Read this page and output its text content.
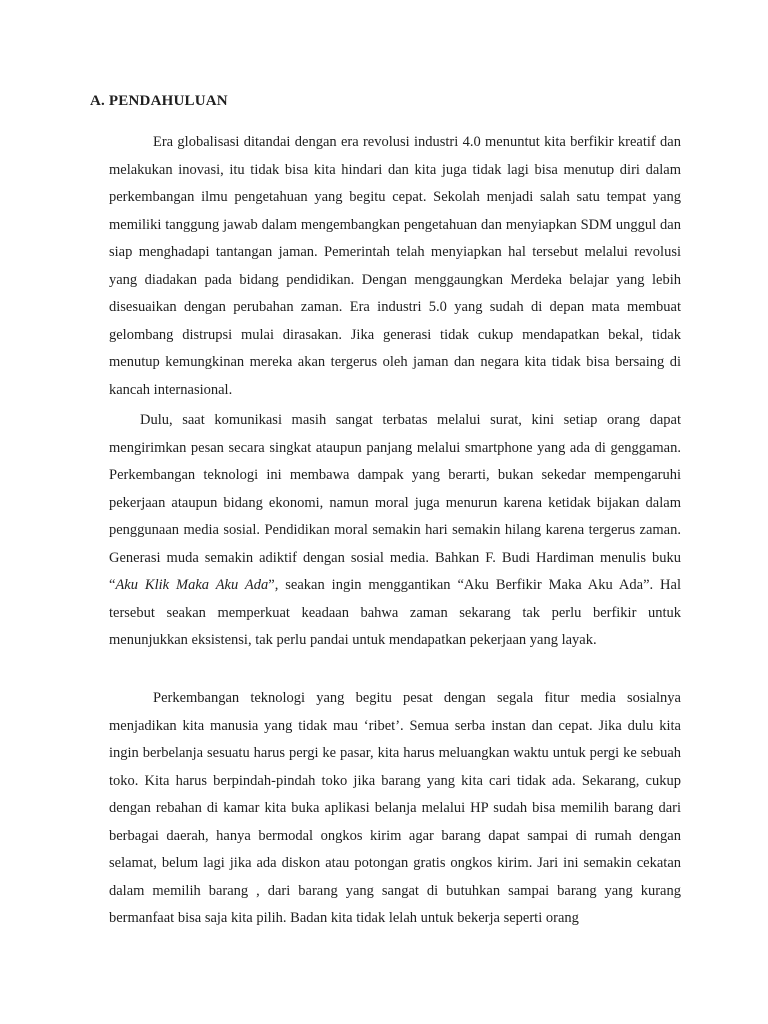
A. PENDAHULUAN

Era globalisasi ditandai dengan era revolusi industri 4.0 menuntut kita berfikir kreatif dan melakukan inovasi, itu tidak bisa kita hindari dan kita juga tidak lagi bisa menutup diri dalam perkembangan ilmu pengetahuan yang begitu cepat. Sekolah menjadi salah satu tempat yang memiliki tanggung jawab dalam mengembangkan pengetahuan dan menyiapkan SDM unggul dan siap menghadapi tantangan jaman. Pemerintah telah menyiapkan hal tersebut melalui revolusi yang diadakan pada bidang pendidikan. Dengan menggaungkan Merdeka belajar yang lebih disesuaikan dengan perubahan zaman. Era industri 5.0 yang sudah di depan mata membuat gelombang distrupsi mulai dirasakan. Jika generasi tidak cukup mendapatkan bekal, tidak menutup kemungkinan mereka akan tergerus oleh jaman dan negara kita tidak bisa bersaing di kancah internasional.

Dulu, saat komunikasi masih sangat terbatas melalui surat, kini setiap orang dapat mengirimkan pesan secara singkat ataupun panjang melalui smartphone yang ada di genggaman. Perkembangan teknologi ini membawa dampak yang berarti, bukan sekedar mempengaruhi pekerjaan ataupun bidang ekonomi, namun moral juga menurun karena ketidak bijakan dalam penggunaan media sosial. Pendidikan moral semakin hari semakin hilang karena tergerus zaman. Generasi muda semakin adiktif dengan sosial media. Bahkan F. Budi Hardiman menulis buku “Aku Klik Maka Aku Ada”, seakan ingin menggantikan “Aku Berfikir Maka Aku Ada”. Hal tersebut seakan memperkuat keadaan bahwa zaman sekarang tak perlu berfikir untuk menunjukkan eksistensi, tak perlu pandai untuk mendapatkan pekerjaan yang layak.

Perkembangan teknologi yang begitu pesat dengan segala fitur media sosialnya menjadikan kita manusia yang tidak mau ‘ribet’. Semua serba instan dan cepat. Jika dulu kita ingin berbelanja sesuatu harus pergi ke pasar, kita harus meluangkan waktu untuk pergi ke sebuah toko. Kita harus berpindah-pindah toko jika barang yang kita cari tidak ada. Sekarang, cukup dengan rebahan di kamar kita buka aplikasi belanja melalui HP sudah bisa memilih barang dari berbagai daerah, hanya bermodal ongkos kirim agar barang dapat sampai di rumah dengan selamat, belum lagi jika ada diskon atau potongan gratis ongkos kirim. Jari ini semakin cekatan dalam memilih barang , dari barang yang sangat di butuhkan sampai barang yang kurang bermanfaat bisa saja kita pilih. Badan kita tidak lelah untuk bekerja seperti orang
